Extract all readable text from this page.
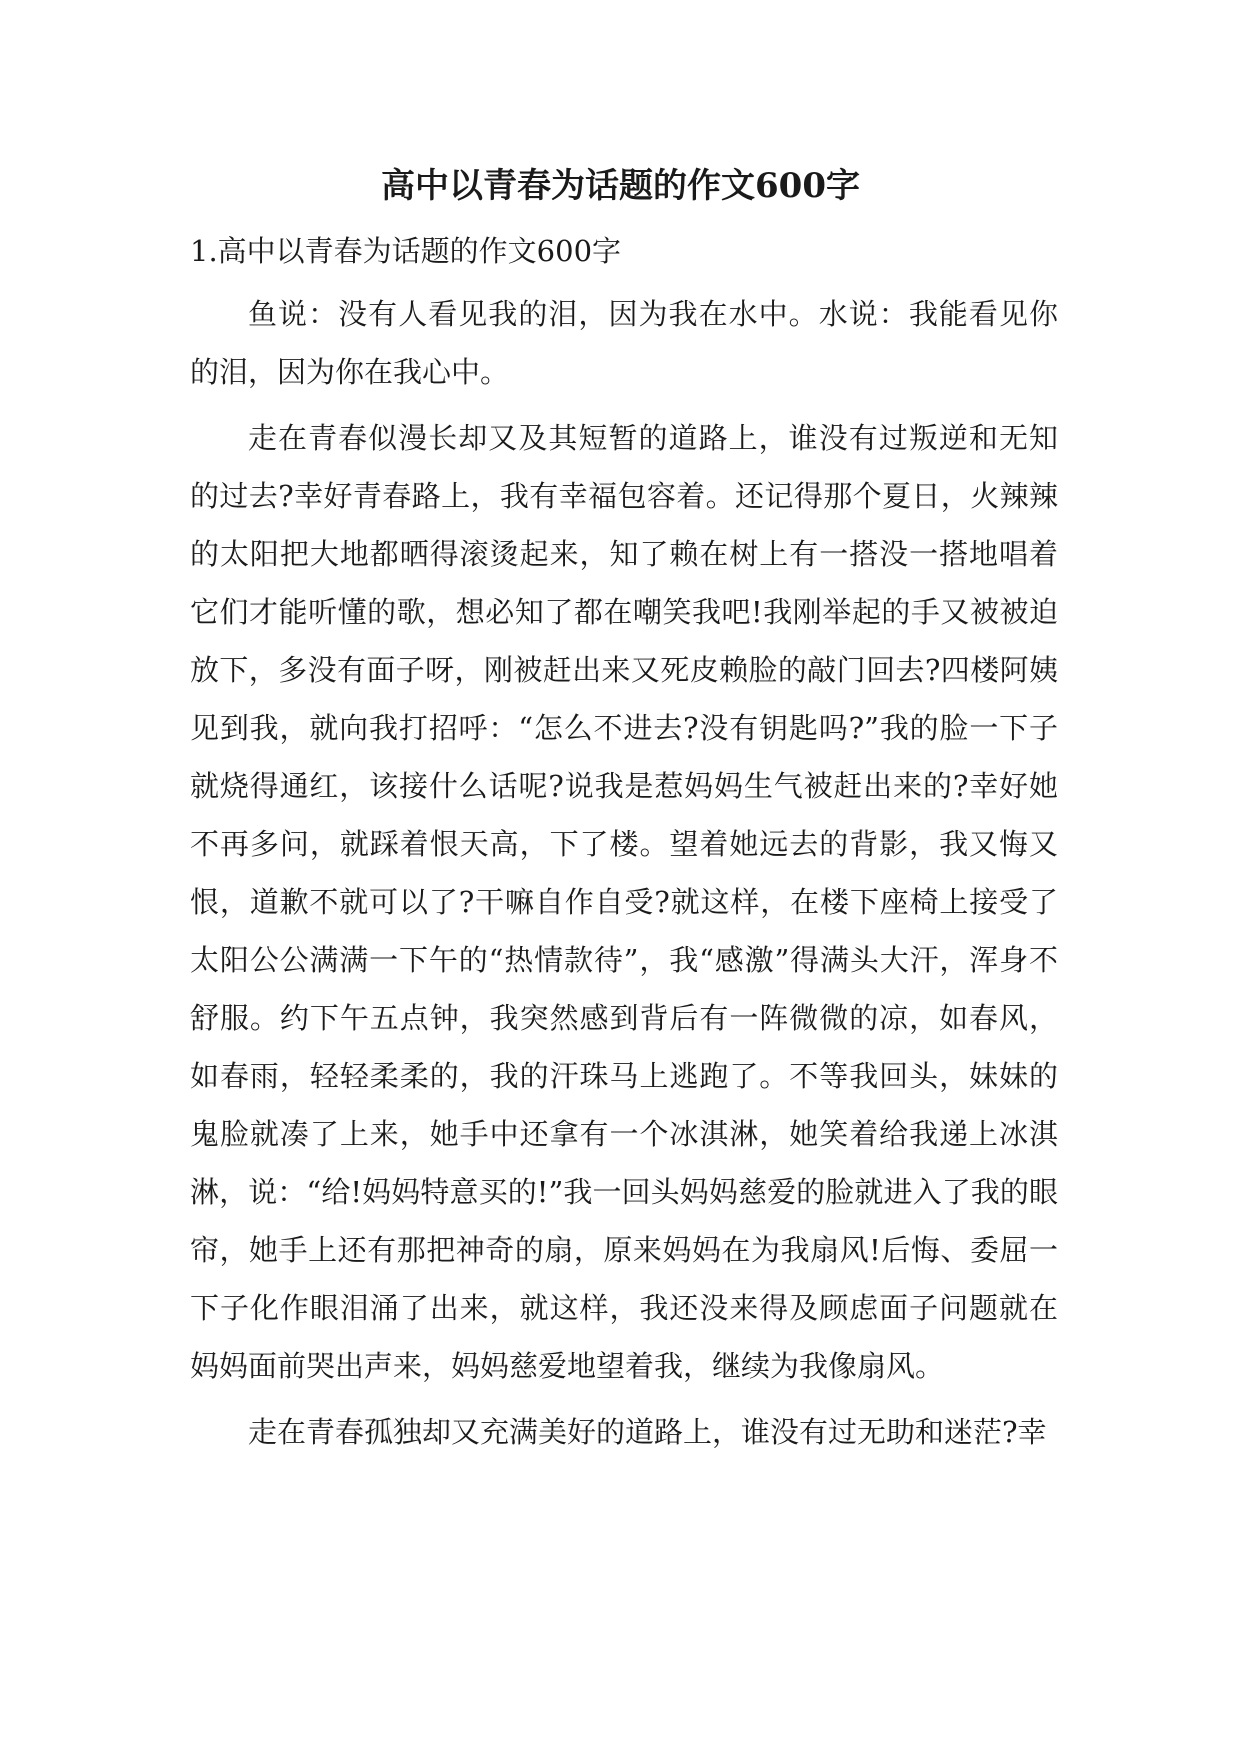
高中以青春为话题的作文600字
1.高中以青春为话题的作文600字

鱼说：没有人看见我的泪，因为我在水中。水说：我能看见你的泪，因为你在我心中。

走在青春似漫长却又及其短暂的道路上，谁没有过叛逆和无知的过去?幸好青春路上，我有幸福包容着。还记得那个夏日，火辣辣的太阳把大地都晒得滚烫起来，知了赖在树上有一搭没一搭地唱着它们才能听懂的歌，想必知了都在嘲笑我吧!我刚举起的手又被被迫放下，多没有面子呀，刚被赶出来又死皮赖脸的敲门回去?四楼阿姨见到我，就向我打招呼：“怎么不进去?没有钥匙吗?”我的脸一下子就烧得通红，该接什么话呢?说我是惹妈妈生气被赶出来的?幸好她不再多问，就踩着恨天高，下了楼。望着她远去的背影，我又悔又恨，道歉不就可以了?干嘛自作自受?就这样，在楼下座椅上接受了太阳公公满满一下午的“热情款待”，我“感激”得满头大汗，浑身不舒服。约下午五点钟，我突然感到背后有一阵微微的凉，如春风，如春雨，轻轻柔柔的，我的汗珠马上逃跑了。不等我回头，妹妹的鬼脸就凑了上来，她手中还拿有一个冰淇淋，她笑着给我递上冰淇淋，说：“给!妈妈特意买的!”我一回头妈妈慈爱的脸就进入了我的眼帘，她手上还有那把神奇的扇，原来妈妈在为我扇风!后悔、委屈一下子化作眼泪涌了出来，就这样，我还没来得及顾虑面子问题就在妈妈面前哭出声来，妈妈慈爱地望着我，继续为我像扇风。

走在青春孤独却又充满美好的道路上，谁没有过无助和迷茫?幸
